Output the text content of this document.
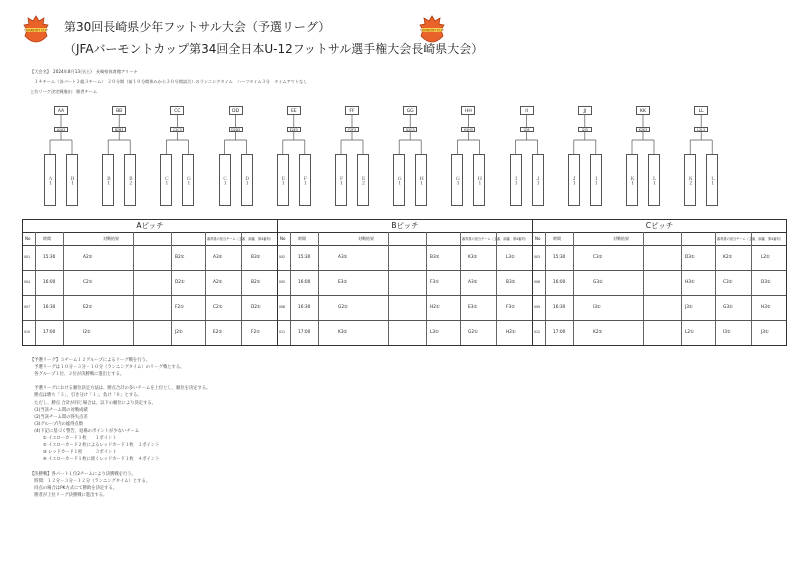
VERMONT CUP	VERMONT CUP
第30回長崎県少年フットサル大会（予選リーグ）
（JFAバーモントカップ第34回全日本U-12フットサル選手権大会長崎県大会）
【大会名】　2024年8月13日(土)　長崎県体育館アリーナ
　１４チーム（各パート２組３チーム）　２０分間（前１０分間休みから３０分間試合）のランニングタイム　ハーフタイム３分　タイムアウトなし
上位リーグ決定戦進出：勝者チーム
AA
A2A3
Ａ１	Ｂ１
BB
B2B3
Ｂ１	Ｂ２
CC
C2C3
Ｃ１	Ｇ１
DD
D2D3
Ｃ１	Ｄ１
EE
E2E3
Ｅ１	Ｆ１
FF
F2F3
Ｆ１	Ｅ２
GG
G2G3
Ｇ１	Ｈ１
HH
H2H3
Ｇ３	Ｈ１
II
I2I3
Ｉ１	Ｊ１
JJ
J2J3
Ｊ１	Ｉ１
KK
K2K3
Ｋ１	Ｌ１
LL
L2L3
Ｋ２	Ｌ１
Aピッチ
No	時間	対戦結果	審判員の担当チーム（主審、副審、第4審判）
001	15:30	A2①	B2①	A3①	B3①
004	16:00	C2①	D2①	A2①	B2①
007	16:30	E2①	F2①	C2①	D2①
010	17:00	I2①	J2①	E2①	F2①
Bピッチ
No	時間	対戦結果	審判員の担当チーム（主審、副審、第4審判）
002	15:30	A3①	B3①	K3①	L3①
005	16:00	E3①	F3①	A3①	B3①
008	16:30	G2①	H2①	E3①	F3①
011	17:00	K3①	L3①	G2①	H2①
Cピッチ
No	時間	対戦結果	審判員の担当チーム（主審、副審、第4審判）
003	15:30	C3①	D3①	K2①	L2①
006	16:00	G3①	H3①	C3①	D3①
009	16:30	I3①	J3①	G3①	H3①
012	17:00	K2①	L2①	I3①	J3①
【予選リーグ】３チーム１２グループによるリーグ戦を行う。
　予選リーグは１０分－３分－１０分（ランニングタイム）のリーグ戦とする。
　各グループ１位、２位が決勝戦に進出とする。

　予選リーグにおける順位決定方法は、勝点合計の多いチームを上位とし、順位を決定する。
　勝点は勝ち「３」、引き分け「１」、負け「０」とする。
　ただし、勝点 合計が同じ場合は、以下の順位により決定する。
　(1)当該チーム間の対戦成績
　(2)当該チーム間の得失点差
　(3)グループ内の総得点数
　(4)下記に基づく警告、退場のポイントが少ないチーム
　　　① イエローカード１枚　　１ポイント
　　　② イエローカード２枚によるレッドカード１枚　３ポイント
　　　③ レッドカード１枚　　　３ポイント
　　　④ イエローカード１枚に続くレッドカード１枚　４ポイント

【決勝戦】各パート１位2チームにより決勝戦を行う。
　時間：１２分－３分－１２分（ランニングタイム）とする。
　同点の場合はPK方式にて勝敗を決定する。
　勝者が上位リーグ決勝戦に進出する。
